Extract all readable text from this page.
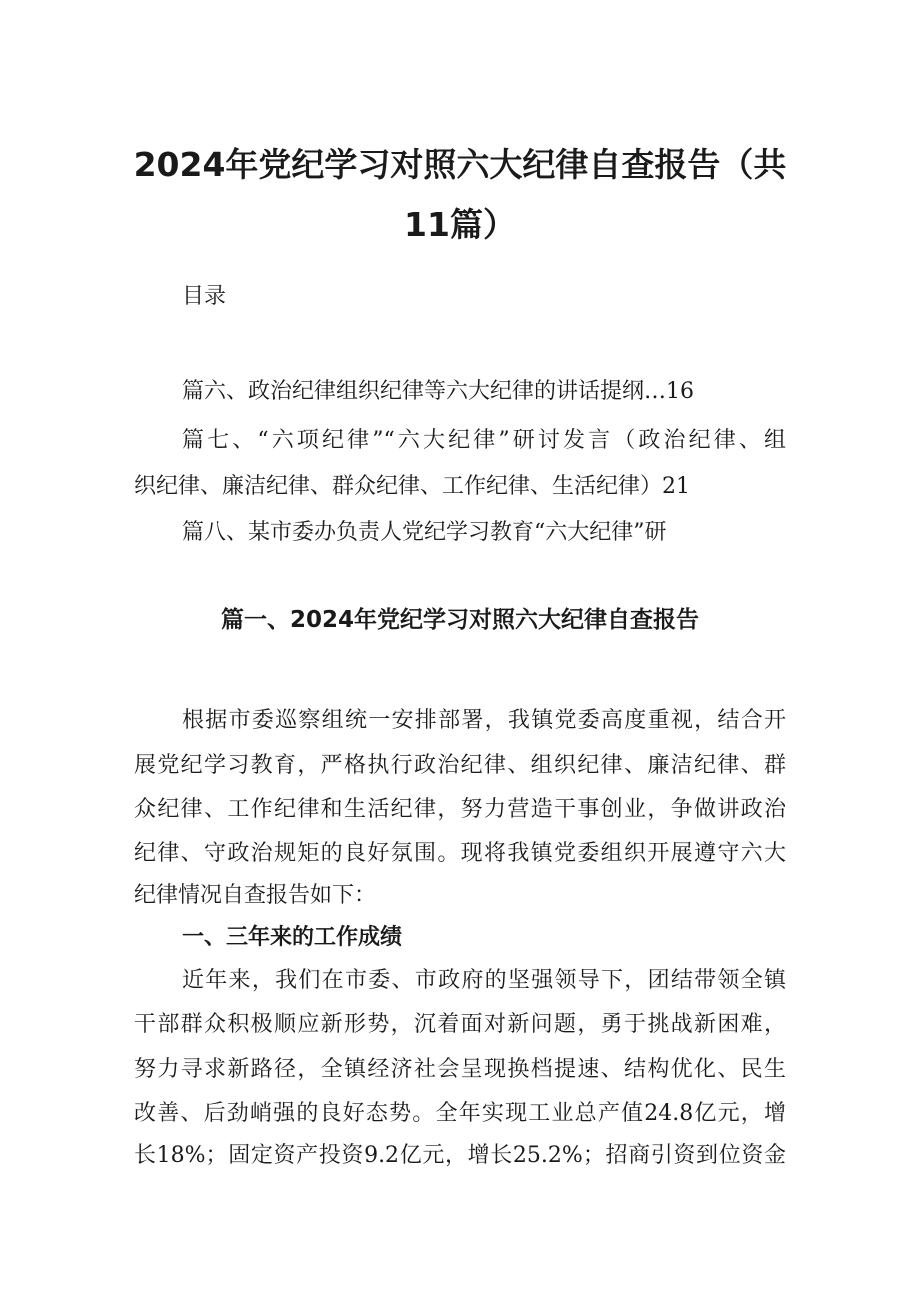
2024年党纪学习对照六大纪律自查报告（共
11篇）
目录
篇六、政治纪律组织纪律等六大纪律的讲话提纲…16
篇七、“六项纪律”“六大纪律”研讨发言（政治纪律、组
织纪律、廉洁纪律、群众纪律、工作纪律、生活纪律）21
篇八、某市委办负责人党纪学习教育“六大纪律”研
篇一、2024年党纪学习对照六大纪律自查报告
根据市委巡察组统一安排部署，我镇党委高度重视，结合开
展党纪学习教育，严格执行政治纪律、组织纪律、廉洁纪律、群
众纪律、工作纪律和生活纪律，努力营造干事创业，争做讲政治
纪律、守政治规矩的良好氛围。现将我镇党委组织开展遵守六大
纪律情况自查报告如下：
一、三年来的工作成绩
近年来，我们在市委、市政府的坚强领导下，团结带领全镇
干部群众积极顺应新形势，沉着面对新问题，勇于挑战新困难，
努力寻求新路径，全镇经济社会呈现换档提速、结构优化、民生
改善、后劲峭强的良好态势。全年实现工业总产值24.8亿元，增
长18%；固定资产投资9.2亿元，增长25.2%；招商引资到位资金
